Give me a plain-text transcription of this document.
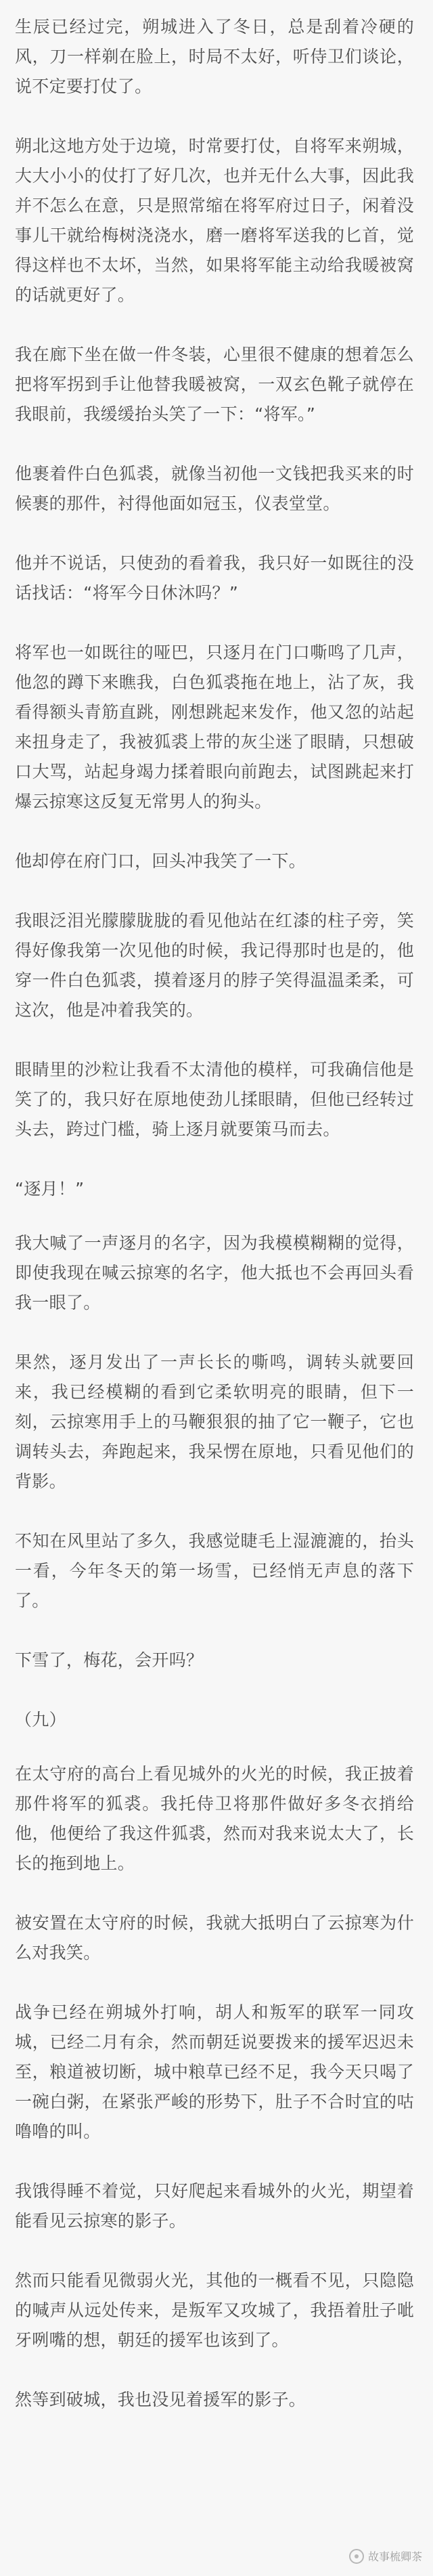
生辰已经过完，朔城进入了冬日，总是刮着冷硬的风，刀一样剃在脸上，时局不太好，听侍卫们谈论，说不定要打仗了。

朔北这地方处于边境，时常要打仗，自将军来朔城，大大小小的仗打了好几次，也并无什么大事，因此我并不怎么在意，只是照常缩在将军府过日子，闲着没事儿干就给梅树浇浇水，磨一磨将军送我的匕首，觉得这样也不太坏，当然，如果将军能主动给我暖被窝的话就更好了。

我在廊下坐在做一件冬装，心里很不健康的想着怎么把将军拐到手让他替我暖被窝，一双玄色靴子就停在我眼前，我缓缓抬头笑了一下：“将军。”

他裹着件白色狐裘，就像当初他一文钱把我买来的时候裹的那件，衬得他面如冠玉，仪表堂堂。

他并不说话，只使劲的看着我，我只好一如既往的没话找话：“将军今日休沐吗？”

将军也一如既往的哑巴，只逐月在门口嘶鸣了几声，他忽的蹲下来瞧我，白色狐裘拖在地上，沾了灰，我看得额头青筋直跳，刚想跳起来发作，他又忽的站起来扭身走了，我被狐裘上带的灰尘迷了眼睛，只想破口大骂，站起身竭力揉着眼向前跑去，试图跳起来打爆云掠寒这反复无常男人的狗头。

他却停在府门口，回头冲我笑了一下。

我眼泛泪光朦朦胧胧的看见他站在红漆的柱子旁，笑得好像我第一次见他的时候，我记得那时也是的，他穿一件白色狐裘，摸着逐月的脖子笑得温温柔柔，可这次，他是冲着我笑的。

眼睛里的沙粒让我看不太清他的模样，可我确信他是笑了的，我只好在原地使劲儿揉眼睛，但他已经转过头去，跨过门槛，骑上逐月就要策马而去。

“逐月！”

我大喊了一声逐月的名字，因为我模模糊糊的觉得，即使我现在喊云掠寒的名字，他大抵也不会再回头看我一眼了。

果然，逐月发出了一声长长的嘶鸣，调转头就要回来，我已经模糊的看到它柔软明亮的眼睛，但下一刻，云掠寒用手上的马鞭狠狠的抽了它一鞭子，它也调转头去，奔跑起来，我呆愣在原地，只看见他们的背影。

不知在风里站了多久，我感觉睫毛上湿漉漉的，抬头一看，今年冬天的第一场雪，已经悄无声息的落下了。

下雪了，梅花，会开吗？

（九）

在太守府的高台上看见城外的火光的时候，我正披着那件将军的狐裘。我托侍卫将那件做好多冬衣捎给他，他便给了我这件狐裘，然而对我来说太大了，长长的拖到地上。

被安置在太守府的时候，我就大抵明白了云掠寒为什么对我笑。

战争已经在朔城外打响，胡人和叛军的联军一同攻城，已经二月有余，然而朝廷说要拨来的援军迟迟未至，粮道被切断，城中粮草已经不足，我今天只喝了一碗白粥，在紧张严峻的形势下，肚子不合时宜的咕噜噜的叫。

我饿得睡不着觉，只好爬起来看城外的火光，期望着能看见云掠寒的影子。

然而只能看见微弱火光，其他的一概看不见，只隐隐的喊声从远处传来，是叛军又攻城了，我捂着肚子呲牙咧嘴的想，朝廷的援军也该到了。

然等到破城，我也没见着援军的影子。

故事梳卿茶
